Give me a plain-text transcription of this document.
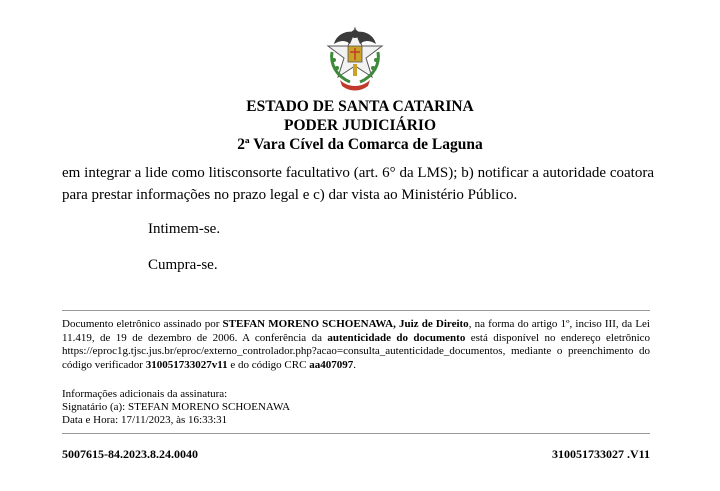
ESTADO DE SANTA CATARINA
PODER JUDICIÁRIO
2ª Vara Cível da Comarca de Laguna
em integrar a lide como litisconsorte facultativo (art. 6° da LMS); b) notificar a autoridade coatora para prestar informações no prazo legal e c) dar vista ao Ministério Público.
Intimem-se.
Cumpra-se.
Documento eletrônico assinado por STEFAN MORENO SCHOENAWA, Juiz de Direito, na forma do artigo 1º, inciso III, da Lei 11.419, de 19 de dezembro de 2006. A conferência da autenticidade do documento está disponível no endereço eletrônico https://eproc1g.tjsc.jus.br/eproc/externo_controlador.php?acao=consulta_autenticidade_documentos, mediante o preenchimento do código verificador 310051733027v11 e do código CRC aa407097.
Informações adicionais da assinatura:
Signatário (a): STEFAN MORENO SCHOENAWA
Data e Hora: 17/11/2023, às 16:33:31
5007615-84.2023.8.24.0040	310051733027 .V11
